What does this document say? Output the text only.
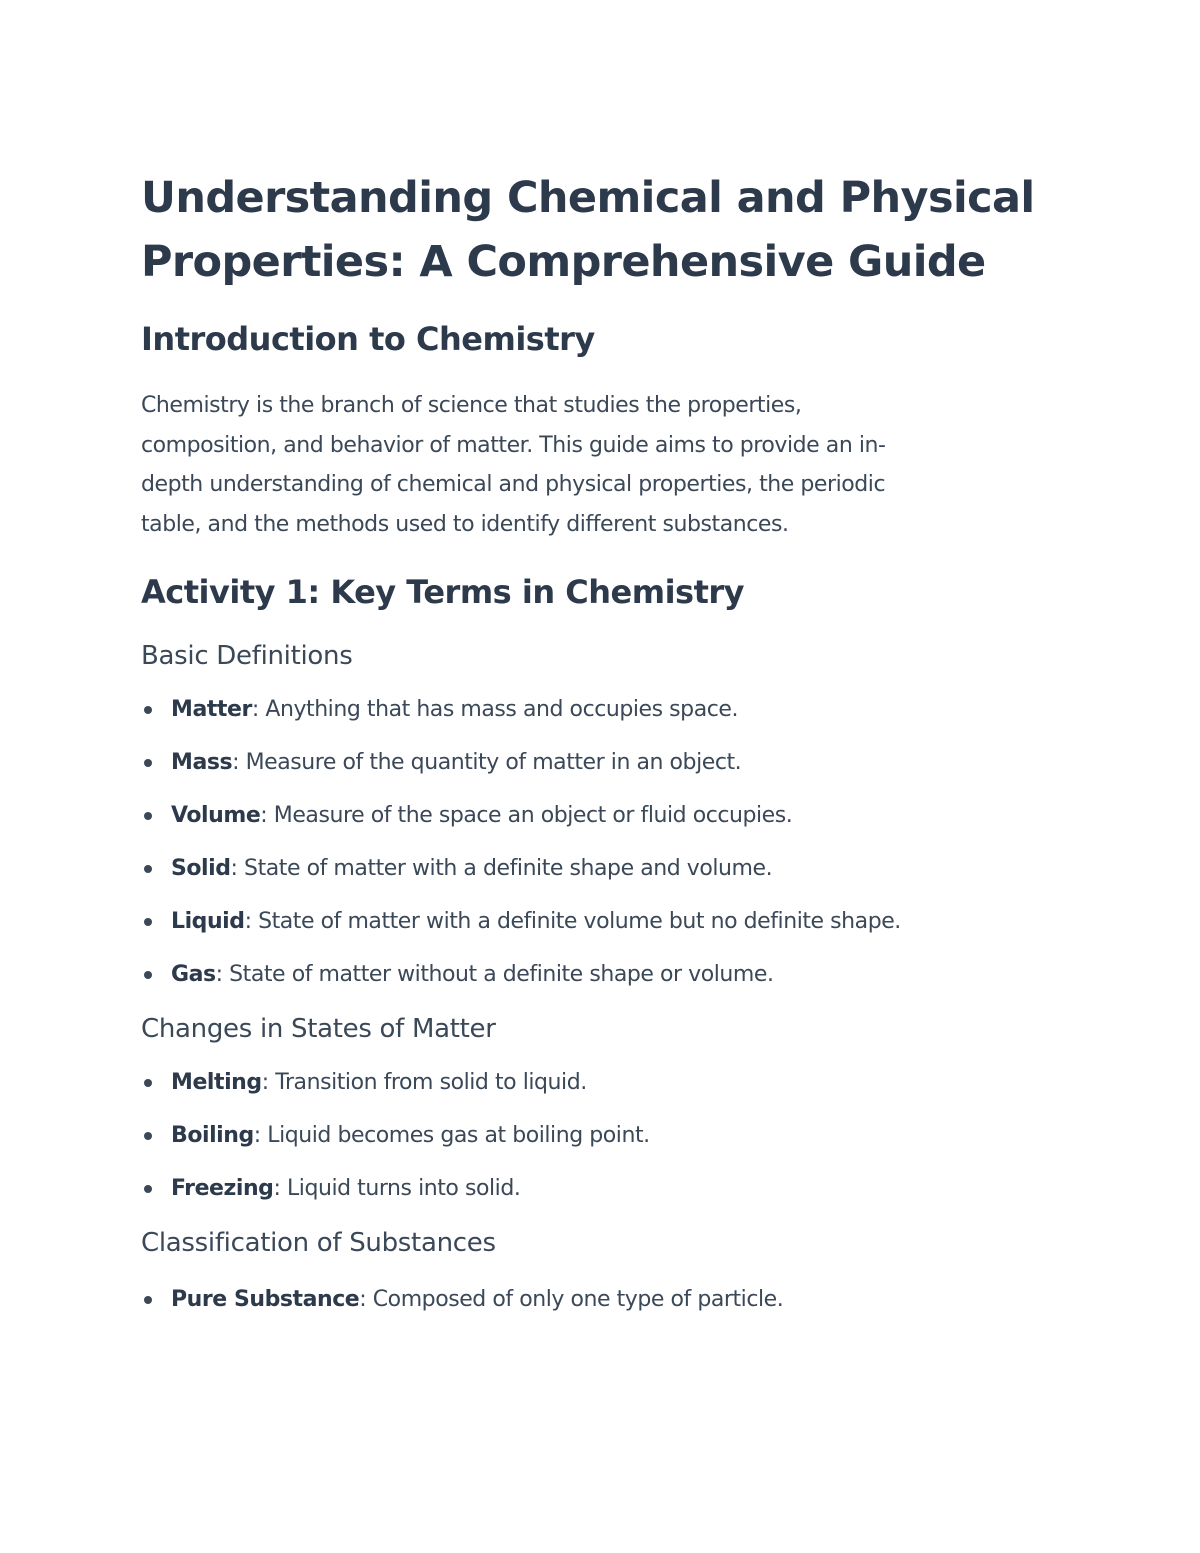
Understanding Chemical and Physical
Properties: A Comprehensive Guide
Introduction to Chemistry

Chemistry is the branch of science that studies the properties,
composition, and behavior of matter. This guide aims to provide an in-
depth understanding of chemical and physical properties, the periodic
table, and the methods used to identify different substances.

Activity 1: Key Terms in Chemistry
Basic Definitions
Matter: Anything that has mass and occupies space.
Mass: Measure of the quantity of matter in an object.
Volume: Measure of the space an object or fluid occupies.
Solid: State of matter with a definite shape and volume.
Liquid: State of matter with a definite volume but no definite shape.
Gas: State of matter without a definite shape or volume.
Changes in States of Matter
Melting: Transition from solid to liquid.
Boiling: Liquid becomes gas at boiling point.
Freezing: Liquid turns into solid.
Classification of Substances
Pure Substance: Composed of only one type of particle.
